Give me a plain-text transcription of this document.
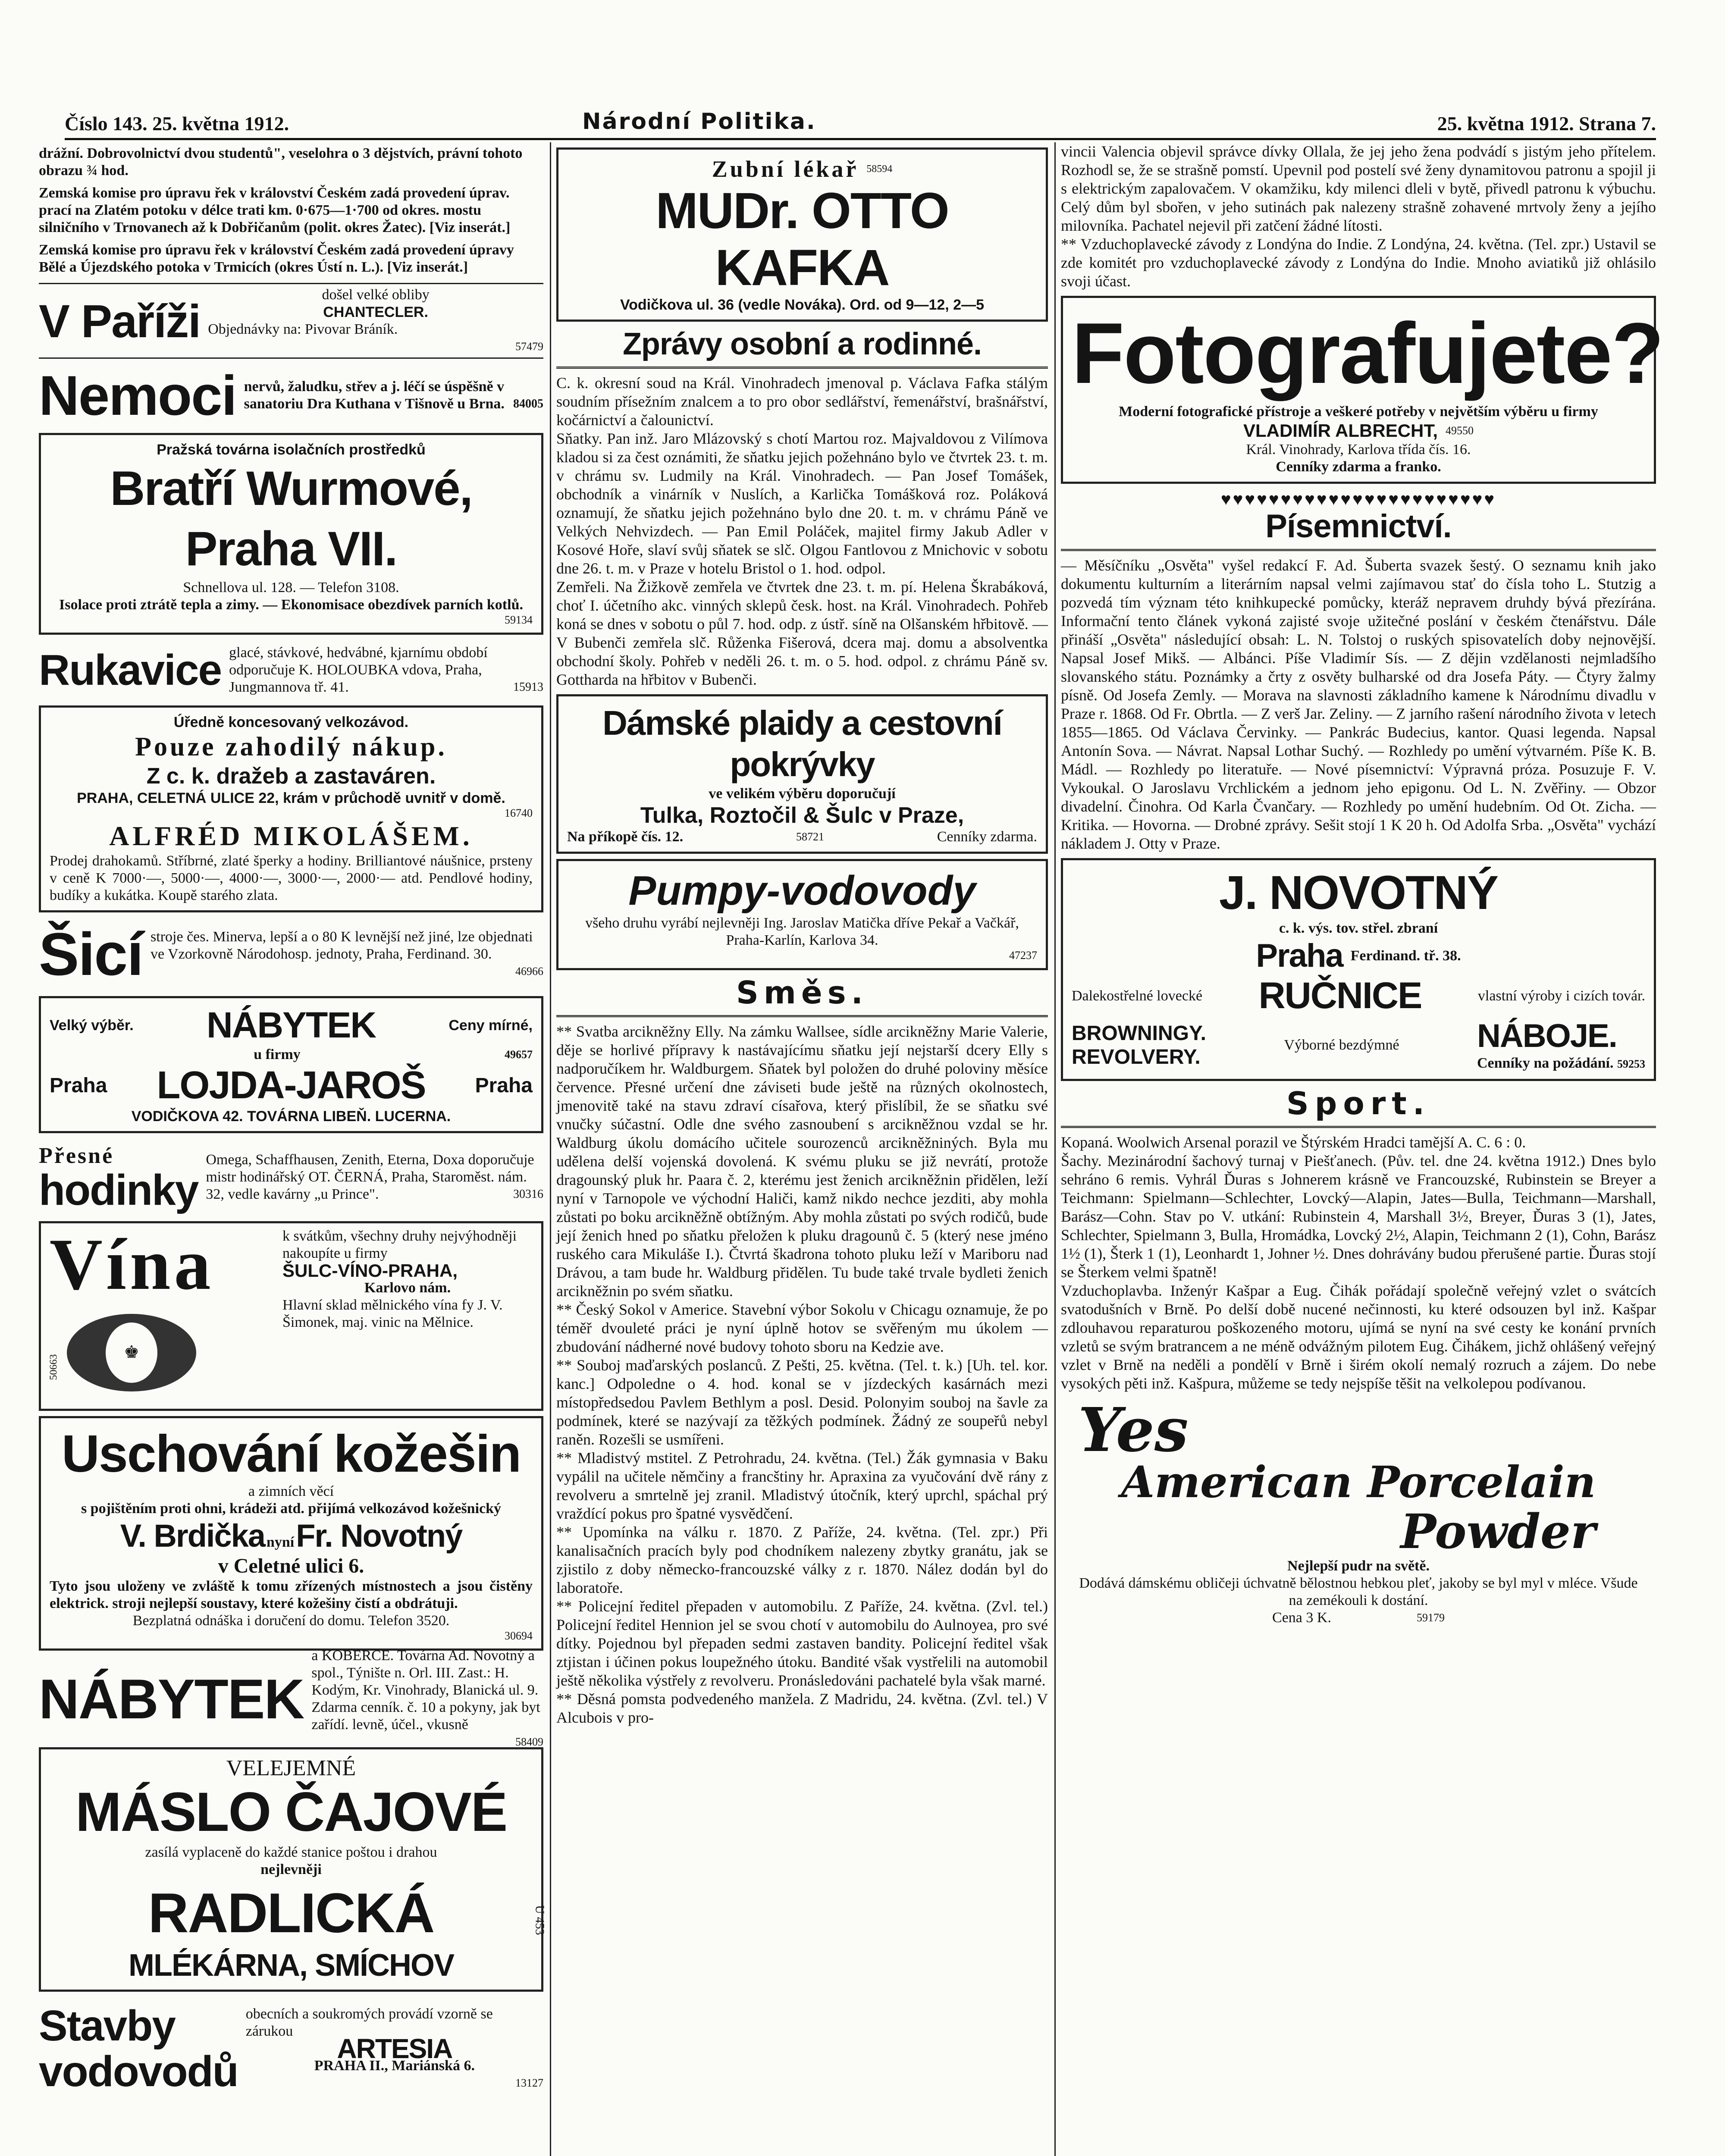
Číslo 143. 25. května 1912.	Národní Politika.	25. května 1912. Strana 7.

drážní. Dobrovolnictví dvou studentů", veselohra o 3 dějstvích, právní tohoto obrazu ¾ hod.

Zemská komise pro úpravu řek v království Českém zadá provedení úprav. prací na Zlatém potoku v délce trati km. 0·675—1·700 od okres. mostu silničního v Trnovanech až k Dobřičanům (polit. okres Žatec). [Viz inserát.]

Zemská komise pro úpravu řek v království Českém zadá provedení úpravy Bělé a Újezdského potoka v Trmicích (okres Ústí n. L.). [Viz inserát.]

V Paříži	došel velké obliby
CHANTECLER.
Objednávky na: Pivovar Bráník.
57479
Nemoci nervů, žaludku, střev a j. léčí se úspěšně v sanatoriu Dra Kuthana v Tišnově u Brna. 84005
Pražská továrna isolačních prostředků
Bratří Wurmové, Praha VII.
Schnellova ul. 128. — Telefon 3108.
Isolace proti ztrátě tepla a zimy. — Ekonomisace obezdívek parních kotlů.
59134
Rukavice glacé, stávkové, hedvábné, kjarnímu období odporučuje K. HOLOUBKA vdova, Praha, Jungmannova tř. 41.	15913
Úředně koncesovaný velkozávod.
Pouze zahodilý nákup.
Z c. k. dražeb a zastaváren.
PRAHA, CELETNÁ ULICE 22, krám v průchodě uvnitř v domě.
16740
ALFRÉD MIKOLÁŠEM.
Prodej drahokamů. Stříbrné, zlaté šperky a hodiny. Brilliantové náušnice, prsteny v ceně K 7000·—, 5000·—, 4000·—, 3000·—, 2000·— atd. Pendlové hodiny, budíky a kukátka. Koupě starého zlata.
Šicí stroje čes. Minerva, lepší a o 80 K levnější než jiné, lze objednati ve Vzorkovně Národohosp. jednoty, Praha, Ferdinand. 30.
46966
Velký výběr. NÁBYTEK	Ceny mírné,
u firmy	49657
Praha LOJDA-JAROŠ Praha
VODIČKOVA 42. TOVÁRNA LIBEŇ. LUCERNA.
Přesné
hodinky
Omega, Schaffhausen, Zenith, Eterna, Doxa doporučuje mistr hodinářský OT. ČERNÁ, Praha, Staroměst. nám. 32, vedle kavárny „u Prince".	30316
Vína
♚
k svátkům, všechny druhy nejvýhodněji nakoupíte u firmy
ŠULC-VÍNO-PRAHA,
Karlovo nám.
Hlavní sklad mělnického vína fy J. V. Šimonek, maj. vinic na Mělnice.
50663
Uschování kožešin
a zimních věcí
s pojištěním proti ohni, krádeži atd. přijímá velkozávod kožešnický
V. Brdička nyní Fr. Novotný
v Celetné ulici 6.
Tyto jsou uloženy ve zvláště k tomu zřízených místnostech a jsou čistěny elektrick. stroji nejlepší soustavy, které kožešiny čistí a obdrátuji.
Bezplatná odnáška i doručení do domu. Telefon 3520.
30694
NÁBYTEK
a KOBERCE. Továrna Ad. Novotný a spol., Týnište n. Orl. III. Zast.: H. Kodým, Kr. Vinohrady, Blanická ul. 9. Zdarma cenník. č. 10 a pokyny, jak byt zařídí. levně, účel., vkusně
58409
VELEJEMNÉ
MÁSLO ČAJOVÉ
zasílá vyplaceně do každé stanice poštou i drahou
nejlevněji
RADLICKÁ
MLÉKÁRNA, SMÍCHOV
U 453
Stavby
vodovodů
obecních a soukromých provádí vzorně se zárukou
ARTESIA
PRAHA II., Mariánská 6.
13127
Zubní lékař 58594
MUDr. OTTO KAFKA
Vodičkova ul. 36 (vedle Nováka). Ord. od 9—12, 2—5
Zprávy osobní a rodinné.

C. k. okresní soud na Král. Vinohradech jmenoval p. Václava Fafka stálým soudním přísežním znalcem a to pro obor sedlářství, řemenářství, brašnářství, kočárnictví a čalounictví.

Sňatky. Pan inž. Jaro Mlázovský s chotí Martou roz. Majvaldovou z Vilímova kladou si za čest oznámiti, že sňatku jejich požehnáno bylo ve čtvrtek 23. t. m. v chrámu sv. Ludmily na Král. Vinohradech. — Pan Josef Tomášek, obchodník a vinárník v Nuslích, a Karlička Tomášková roz. Poláková oznamují, že sňatku jejich požehnáno bylo dne 20. t. m. v chrámu Páně ve Velkých Nehvizdech. — Pan Emil Poláček, majitel firmy Jakub Adler v Kosové Hoře, slaví svůj sňatek se slč. Olgou Fantlovou z Mnichovic v sobotu dne 26. t. m. v Praze v hotelu Bristol o 1. hod. odpol.

Zemřeli. Na Žižkově zemřela ve čtvrtek dne 23. t. m. pí. Helena Škrabáková, choť I. účetního akc. vinných sklepů česk. host. na Král. Vinohradech. Pohřeb koná se dnes v sobotu o půl 7. hod. odp. z ústř. síně na Olšanském hřbitově. — V Bubenči zemřela slč. Růženka Fišerová, dcera maj. domu a absolventka obchodní školy. Pohřeb v neděli 26. t. m. o 5. hod. odpol. z chrámu Páně sv. Gottharda na hřbitov v Bubenči.

Dámské plaidy a cestovní pokrývky
ve velikém výběru doporučují
Tulka, Roztočil & Šulc v Praze,
Na příkopě čís. 12.	58721	Cenníky zdarma.
Pumpy-vodovody
všeho druhu vyrábí nejlevněji Ing. Jaroslav Matička dříve Pekař a Vačkář, Praha-Karlín, Karlova 34.
47237
Směs.

** Svatba arcikněžny Elly. Na zámku Wallsee, sídle arcikněžny Marie Valerie, děje se horlivé přípravy k nastávajícímu sňatku její nejstarší dcery Elly s nadporučíkem hr. Waldburgem. Sňatek byl položen do druhé poloviny měsíce července. Přesné určení dne záviseti bude ještě na různých okolnostech, jmenovitě také na stavu zdraví císařova, který přislíbil, že se sňatku své vnučky súčastní. Odle dne svého zasnoubení s arcikněžnou vzdal se hr. Waldburg úkolu domácího učitele sourozenců arcikněžniných. Byla mu udělena delší vojenská dovolená. K svému pluku se již nevrátí, protože dragounský pluk hr. Paara č. 2, kterému jest ženich arcikněžnin přidělen, leží nyní v Tarnopole ve východní Haliči, kamž nikdo nechce jezditi, aby mohla zůstati po boku arcikněžně obtížným. Aby mohla zůstati po svých rodičů, bude její ženich hned po sňatku přeložen k pluku dragounů č. 5 (který nese jméno ruského cara Mikuláše I.). Čtvrtá škadrona tohoto pluku leží v Mariboru nad Drávou, a tam bude hr. Waldburg přidělen. Tu bude také trvale bydleti ženich arcikněžnin po svém sňatku.

** Český Sokol v Americe. Stavební výbor Sokolu v Chicagu oznamuje, že po téměř dvouleté práci je nyní úplně hotov se svěřeným mu úkolem — zbudování nádherné nové budovy tohoto sboru na Kedzie ave.

** Souboj maďarských poslanců. Z Pešti, 25. května. (Tel. t. k.) [Uh. tel. kor. kanc.] Odpoledne o 4. hod. konal se v jízdeckých kasárnách mezi místopředsedou Pavlem Bethlym a posl. Desid. Polonyim souboj na šavle za podmínek, které se nazývají za těžkých podmínek. Žádný ze soupeřů nebyl raněn. Rozešli se usmířeni.

** Mladistvý mstitel. Z Petrohradu, 24. května. (Tel.) Žák gymnasia v Baku vypálil na učitele němčiny a francštiny hr. Apraxina za vyučování dvě rány z revolveru a smrtelně jej zranil. Mladistvý útočník, který uprchl, spáchal prý vraždící pokus pro špatné vysvědčení.

** Upomínka na válku r. 1870. Z Paříže, 24. května. (Tel. zpr.) Při kanalisačních pracích byly pod chodníkem nalezeny zbytky granátu, jak se zjistilo z doby německo-francouzské války z r. 1870. Nález dodán byl do laboratoře.

** Policejní ředitel přepaden v automobilu. Z Paříže, 24. května. (Zvl. tel.) Policejní ředitel Hennion jel se svou chotí v automobilu do Aulnoyea, pro své dítky. Pojednou byl přepaden sedmi zastaven bandity. Policejní ředitel však ztjistan i účinen pokus loupežného útoku. Bandité však vystřelili na automobil ještě několika výstřely z revolveru. Pronásledováni pachatelé byla však marné.

** Děsná pomsta podvedeného manžela. Z Madridu, 24. května. (Zvl. tel.) V Alcubois v pro-

vincii Valencia objevil správce dívky Ollala, že jej jeho žena podvádí s jistým jeho přítelem. Rozhodl se, že se strašně pomstí. Upevnil pod postelí své ženy dynamitovou patronu a spojil ji s elektrickým zapalovačem. V okamžiku, kdy milenci dleli v bytě, přivedl patronu k výbuchu. Celý dům byl sbořen, v jeho sutinách pak nalezeny strašně zohavené mrtvoly ženy a jejího milovníka. Pachatel nejevil při zatčení žádné lítosti.

** Vzduchoplavecké závody z Londýna do Indie. Z Londýna, 24. května. (Tel. zpr.) Ustavil se zde komitét pro vzduchoplavecké závody z Londýna do Indie. Mnoho aviatiků již ohlásilo svoji účast.

Fotografujete?
Moderní fotografické přístroje a veškeré potřeby v největším výběru u firmy
VLADIMÍR ALBRECHT, 49550
Král. Vinohrady, Karlova třída čís. 16.
Cenníky zdarma a franko.
♥♥♥♥♥♥♥♥♥♥♥♥♥♥♥♥♥♥♥♥♥♥♥
Písemnictví.

— Měsíčníku „Osvěta" vyšel redakcí F. Ad. Šuberta svazek šestý. O seznamu knih jako dokumentu kulturním a literárním napsal velmi zajímavou stať do čísla toho L. Stutzig a pozvedá tím význam této knihkupecké pomůcky, kteráž nepravem druhdy bývá přezírána. Informační tento článek vykoná zajisté svoje užitečné poslání v českém čtenářstvu. Dále přináší „Osvěta" následující obsah: L. N. Tolstoj o ruských spisovatelích doby nejnovější. Napsal Josef Mikš. — Albánci. Píše Vladimír Sís. — Z dějin vzdělanosti nejmladšího slovanského státu. Poznámky a črty z osvěty bulharské od dra Josefa Páty. — Čtyry žalmy písně. Od Josefa Zemly. — Morava na slavnosti základního kamene k Národnímu divadlu v Praze r. 1868. Od Fr. Obrtla. — Z verš Jar. Zeliny. — Z jarního rašení národního života v letech 1855—1865. Od Václava Červinky. — Pankrác Budecius, kantor. Quasi legenda. Napsal Antonín Sova. — Návrat. Napsal Lothar Suchý. — Rozhledy po umění výtvarném. Píše K. B. Mádl. — Rozhledy po literatuře. — Nové písemnictví: Výpravná próza. Posuzuje F. V. Vykoukal. O Jaroslavu Vrchlickém a jednom jeho epigonu. Od L. N. Zvěřiny. — Obzor divadelní. Činohra. Od Karla Čvančary. — Rozhledy po umění hudebním. Od Ot. Zicha. — Kritika. — Hovorna. — Drobné zprávy. Sešit stojí 1 K 20 h. Od Adolfa Srba. „Osvěta" vychází nákladem J. Otty v Praze.

J. NOVOTNÝ
c. k. výs. tov. střel. zbraní
Praha Ferdinand. tř. 38.
Dalekostřelné lovecké RUČNICE	vlastní výroby i cizích továr.
BROWNINGY.
REVOLVERY.
Výborné bezdýmné NÁBOJE.
Cenníky na požádání. 59253
Sport.

Kopaná. Woolwich Arsenal porazil ve Štýrském Hradci tamější A. C. 6 : 0.

Šachy. Mezinárodní šachový turnaj v Piešťanech. (Pův. tel. dne 24. května 1912.) Dnes bylo sehráno 6 remis. Vyhrál Ďuras s Johnerem krásně ve Francouzské, Rubinstein se Breyer a Teichmann: Spielmann—Schlechter, Lovcký—Alapin, Jates—Bulla, Teichmann—Marshall, Barász—Cohn. Stav po V. utkání: Rubinstein 4, Marshall 3½, Breyer, Ďuras 3 (1), Jates, Schlechter, Spielmann 3, Bulla, Hromádka, Lovcký 2½, Alapin, Teichmann 2 (1), Cohn, Barász 1½ (1), Šterk 1 (1), Leonhardt 1, Johner ½. Dnes dohrávány budou přerušené partie. Ďuras stojí se Šterkem velmi špatně!

Vzduchoplavba. Inženýr Kašpar a Eug. Čihák pořádají společně veřejný vzlet o svátcích svatodušních v Brně. Po delší době nucené nečinnosti, ku které odsouzen byl inž. Kašpar zdlouhavou reparaturou poškozeného motoru, ujímá se nyní na své cesty ke konání prvních vzletů se svým bratrancem a ne méně odvážným pilotem Eug. Čihákem, jichž ohlášený veřejný vzlet v Brně na neděli a pondělí v Brně i širém okolí nemalý rozruch a zájem. Do nebe vysokých pěti inž. Kašpura, můžeme se tedy nejspíše těšit na velkolepou podívanou.

Yes
American Porcelain
Powder
Nejlepší pudr na světě.
Dodává dámskému obličeji úchvatně bělostnou hebkou pleť, jakoby se byl myl v mléce. Všude na zemékouli k dostání.
Cena 3 K.	59179
